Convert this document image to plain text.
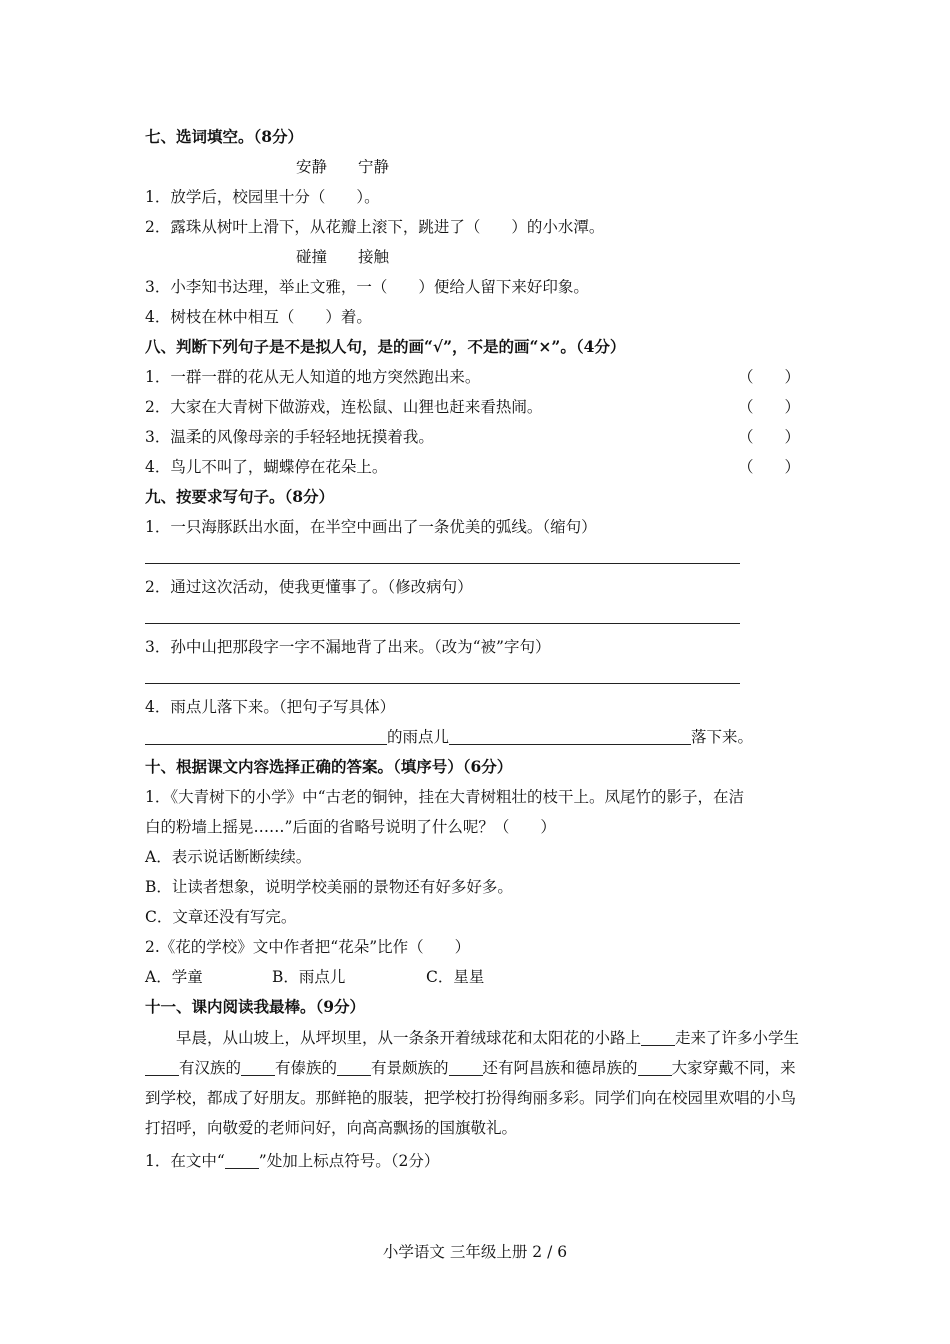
七、选词填空。（8分）
安静　　宁静
1．放学后，校园里十分（　　）。
2．露珠从树叶上滑下，从花瓣上滚下，跳进了（　　）的小水潭。
碰撞　　接触
3．小李知书达理，举止文雅，一（　　）便给人留下来好印象。
4．树枝在林中相互（　　）着。
八、判断下列句子是不是拟人句，是的画“√”，不是的画“×”。（4分）
1．一群一群的花从无人知道的地方突然跑出来。	（　　）
2．大家在大青树下做游戏，连松鼠、山狸也赶来看热闹。	（　　）
3．温柔的风像母亲的手轻轻地抚摸着我。	（　　）
4．鸟儿不叫了，蝴蝶停在花朵上。	（　　）
九、按要求写句子。（8分）
1．一只海豚跃出水面，在半空中画出了一条优美的弧线。（缩句）
2．通过这次活动，使我更懂事了。（修改病句）
3．孙中山把那段字一字不漏地背了出来。（改为“被”字句）
4．雨点儿落下来。（把句子写具体）
的雨点儿	落下来。
十、根据课文内容选择正确的答案。（填序号）（6分）
1．《大青树下的小学》中“古老的铜钟，挂在大青树粗壮的枝干上。凤尾竹的影子，在洁
白的粉墙上摇晃……”后面的省略号说明了什么呢？（　　）
A．表示说话断断续续。
B．让读者想象，说明学校美丽的景物还有好多好多。
C．文章还没有写完。
2.《花的学校》文中作者把“花朵”比作（　　）
A．学童	B．雨点儿	C．星星
十一、课内阅读我最棒。（9分）
早晨，从山坡上，从坪坝里，从一条条开着绒球花和太阳花的小路上 走来了许多小学生有汉族的 有傣族的 有景颇族的 还有阿昌族和德昂族的 大家穿戴不同，来到学校，都成了好朋友。那鲜艳的服装，把学校打扮得绚丽多彩。同学们向在校园里欢唱的小鸟打招呼，向敬爱的老师问好，向高高飘扬的国旗敬礼。
1．在文中“ ”处加上标点符号。（2分）
小学语文 三年级上册 2 / 6
